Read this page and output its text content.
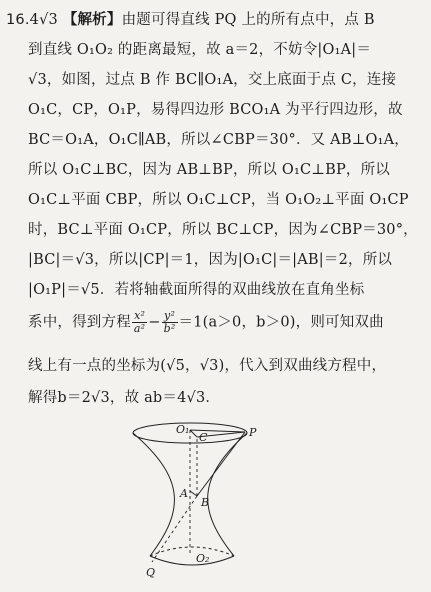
16.4√3 【解析】由题可得直线 PQ 上的所有点中，点 B
到直线 O₁O₂ 的距离最短，故 a＝2，不妨令|O₁A|＝
√3，如图，过点 B 作 BC∥O₁A，交上底面于点 C，连接
O₁C，CP，O₁P，易得四边形 BCO₁A 为平行四边形，故
BC＝O₁A，O₁C∥AB，所以∠CBP＝30°．又 AB⊥O₁A，
所以 O₁C⊥BC，因为 AB⊥BP，所以 O₁C⊥BP，所以
O₁C⊥平面 CBP，所以 O₁C⊥CP，当 O₁O₂⊥平面 O₁CP
时，BC⊥平面 O₁CP，所以 BC⊥CP，因为∠CBP＝30°，
|BC|＝√3，所以|CP|＝1，因为|O₁C|＝|AB|＝2，所以
|O₁P|＝√5．若将轴截面所得的双曲线放在直角坐标
系中，得到方程 $\frac{\text{x²}}{\text{a²}} - \frac{\text{y²}}{\text{b²}} =1(a>0$，b＞0)，则可知双曲
线上有一点的坐标为(√5，√3)，代入到双曲线方程中，
解得b＝2√3，故 ab＝4√3．
O₁
C	P
A
B
O₂
Q
